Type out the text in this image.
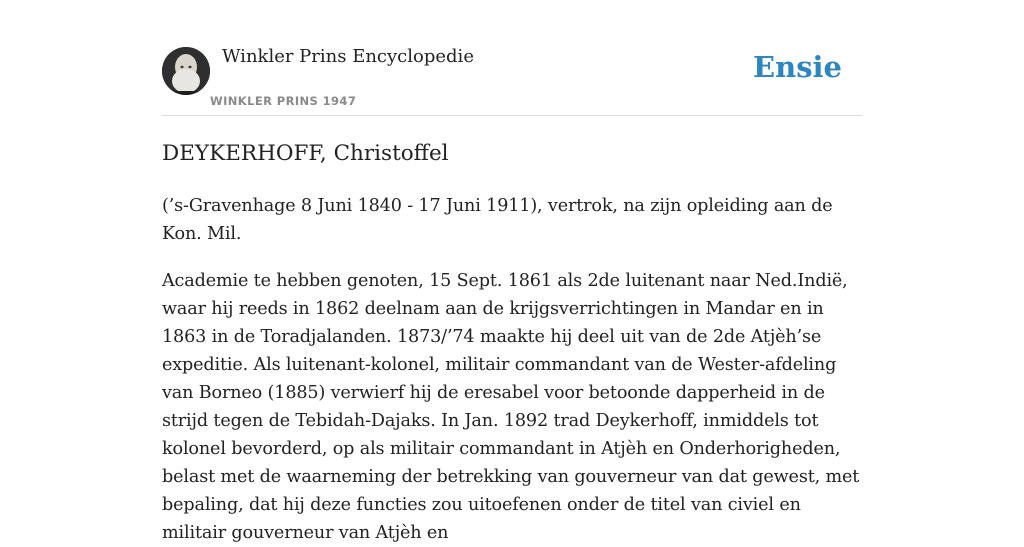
Winkler Prins Encyclopedie
WINKLER PRINS 1947
Ensie
DEYKERHOFF, Christoffel

(’s-Gravenhage 8 Juni 1840 - 17 Juni 1911), vertrok, na zijn opleiding aan de Kon. Mil.

Academie te hebben genoten, 15 Sept. 1861 als 2de luitenant naar Ned.Indië, waar hij reeds in 1862 deelnam aan de krijgsverrichtingen in Mandar en in 1863 in de Toradjalanden. 1873/’74 maakte hij deel uit van de 2de Atjèh’se expeditie. Als luitenant-kolonel, militair commandant van de Wester-afdeling van Borneo (1885) verwierf hij de eresabel voor betoonde dapperheid in de strijd tegen de Tebidah-Dajaks. In Jan. 1892 trad Deykerhoff, inmiddels tot kolonel bevorderd, op als militair commandant in Atjèh en Onderhorigheden, belast met de waarneming der betrekking van gouverneur van dat gewest, met bepaling, dat hij deze functies zou uitoefenen onder de titel van civiel en militair gouverneur van Atjèh en
